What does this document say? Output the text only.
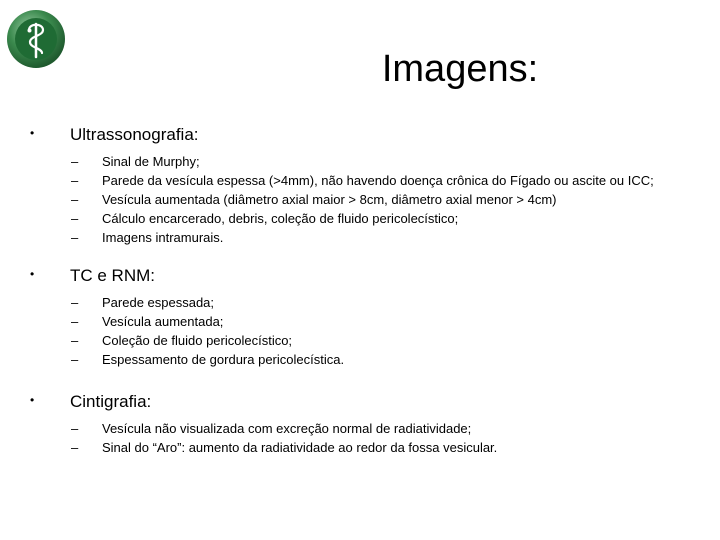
Imagens:
• Ultrassonografia:
– Sinal de Murphy;
– Parede da vesícula espessa (>4mm), não havendo doença crônica do Fígado ou ascite ou ICC;
– Vesícula aumentada (diâmetro axial maior > 8cm, diâmetro axial menor > 4cm)
– Cálculo encarcerado, debris, coleção de fluido pericolecístico;
– Imagens intramurais.
• TC e RNM:
– Parede espessada;
– Vesícula aumentada;
– Coleção de fluido pericolecístico;
– Espessamento de gordura pericolecística.
• Cintigrafia:
– Vesícula não visualizada com excreção normal de radiatividade;
– Sinal do “Aro”: aumento da radiatividade ao redor da fossa vesicular.
